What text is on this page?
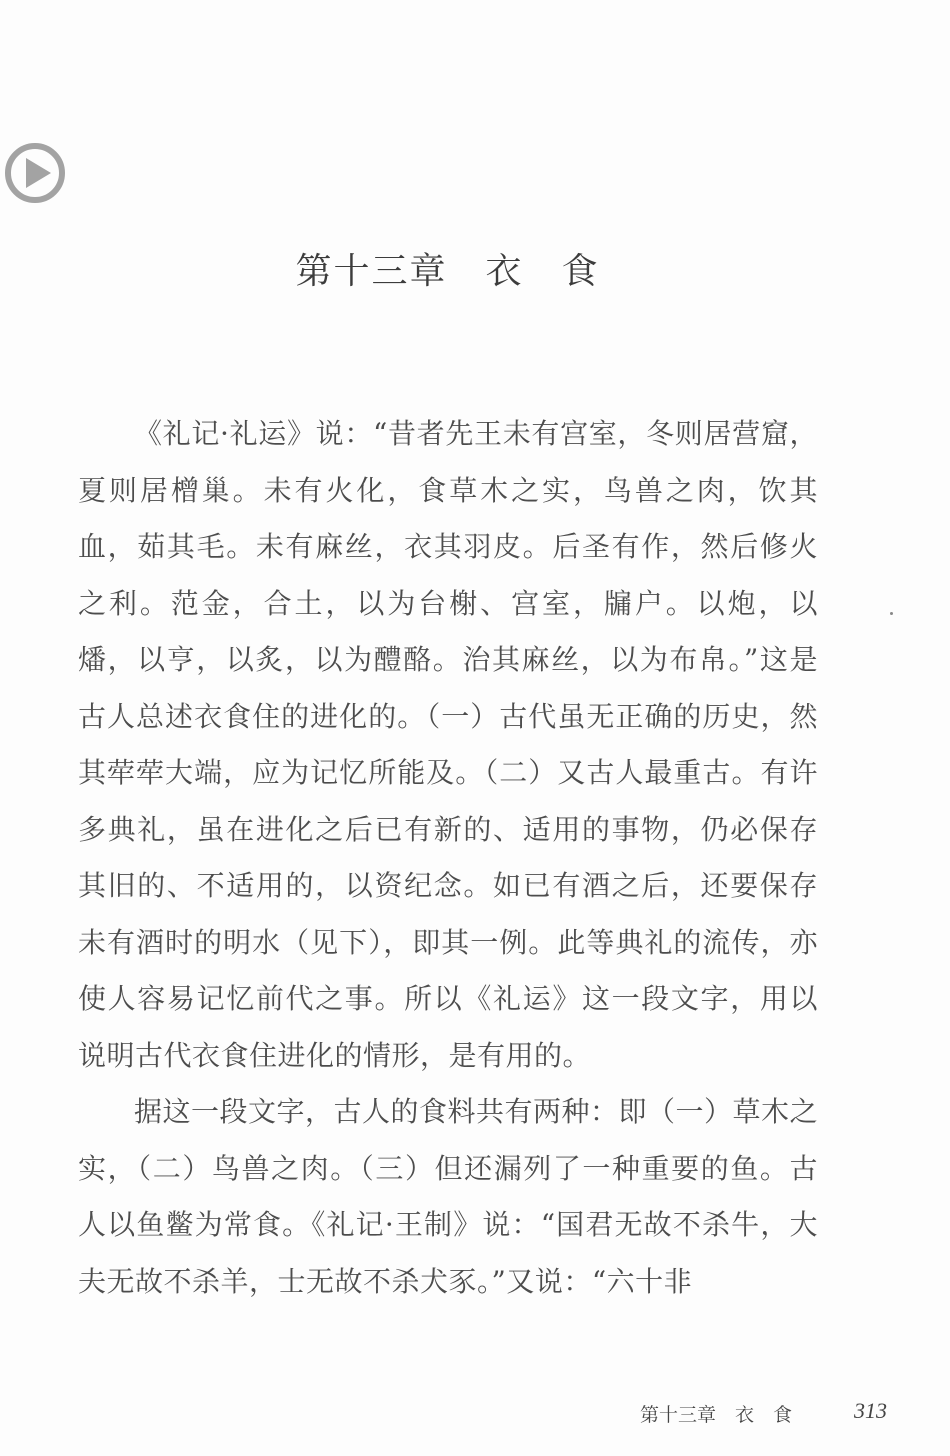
第十三章　衣　食

《礼记·礼运》说：“昔者先王未有宫室，冬则居营窟，夏则居橧巢。未有火化，食草木之实，鸟兽之肉，饮其血，茹其毛。未有麻丝，衣其羽皮。后圣有作，然后修火之利。范金，合土，以为台榭、宫室，牖户。以炮，以燔，以亨，以炙，以为醴酪。治其麻丝，以为布帛。”这是古人总述衣食住的进化的。（一）古代虽无正确的历史，然其荦荦大端，应为记忆所能及。（二）又古人最重古。有许多典礼，虽在进化之后已有新的、适用的事物，仍必保存其旧的、不适用的，以资纪念。如已有酒之后，还要保存未有酒时的明水（见下），即其一例。此等典礼的流传，亦使人容易记忆前代之事。所以《礼运》这一段文字，用以说明古代衣食住进化的情形，是有用的。

据这一段文字，古人的食料共有两种：即（一）草木之实，（二）鸟兽之肉。（三）但还漏列了一种重要的鱼。古人以鱼鳖为常食。《礼记·王制》说：“国君无故不杀牛，大夫无故不杀羊，士无故不杀犬豕。”又说：“六十非

第十三章　衣　食	313
